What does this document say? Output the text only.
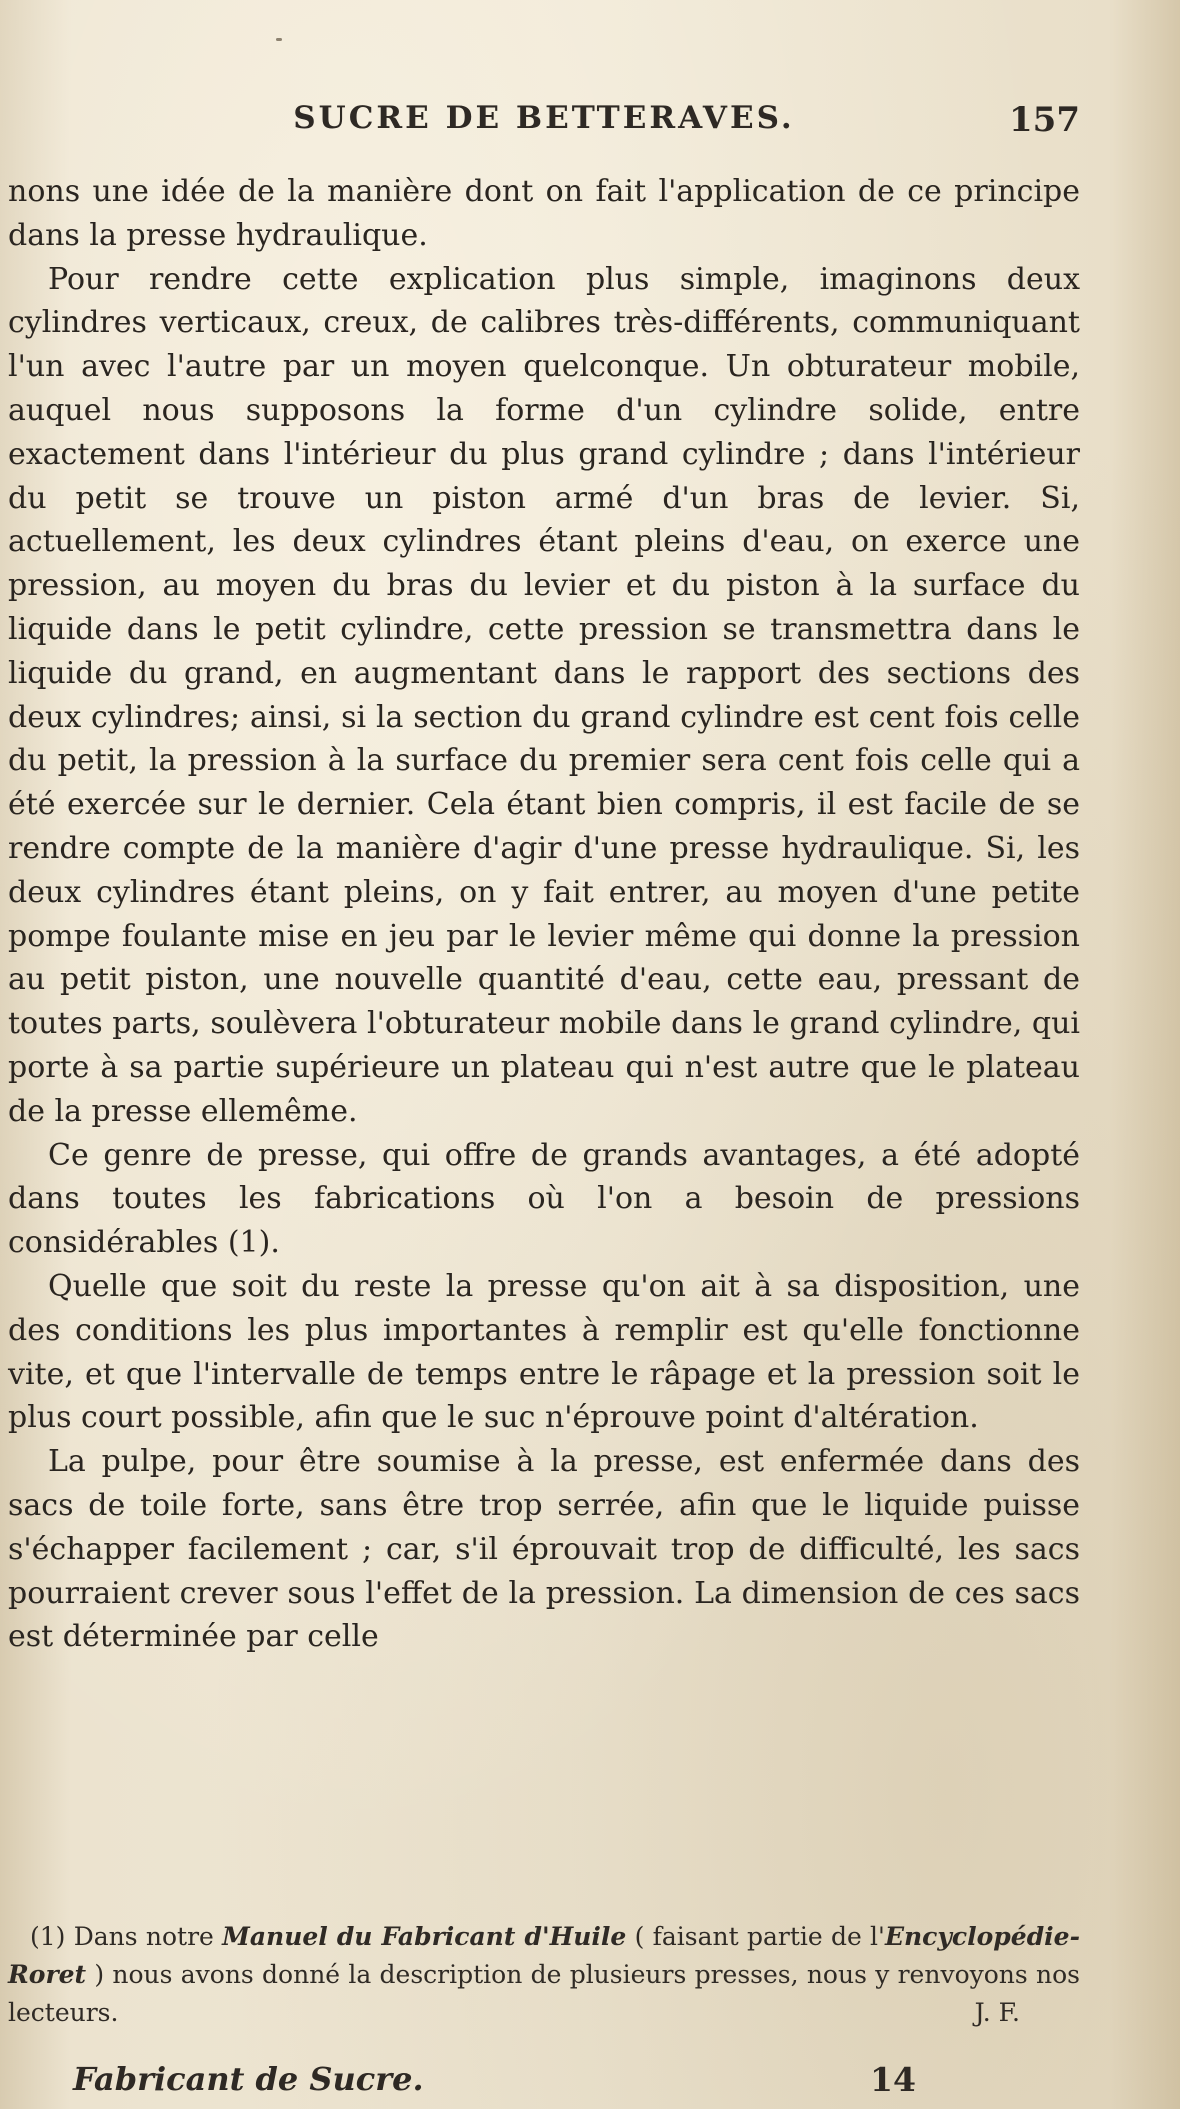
SUCRE DE BETTERAVES.	157

nons une idée de la manière dont on fait l'application de ce principe dans la presse hydraulique.

Pour rendre cette explication plus simple, imaginons deux cylindres verticaux, creux, de calibres très-différents, communiquant l'un avec l'autre par un moyen quelconque. Un obturateur mobile, auquel nous supposons la forme d'un cylindre solide, entre exactement dans l'intérieur du plus grand cylindre ; dans l'intérieur du petit se trouve un piston armé d'un bras de levier. Si, actuellement, les deux cylindres étant pleins d'eau, on exerce une pression, au moyen du bras du levier et du piston à la surface du liquide dans le petit cylindre, cette pression se transmettra dans le liquide du grand, en augmentant dans le rapport des sections des deux cylindres; ainsi, si la section du grand cylindre est cent fois celle du petit, la pression à la surface du premier sera cent fois celle qui a été exercée sur le dernier. Cela étant bien compris, il est facile de se rendre compte de la manière d'agir d'une presse hydraulique. Si, les deux cylindres étant pleins, on y fait entrer, au moyen d'une petite pompe foulante mise en jeu par le levier même qui donne la pression au petit piston, une nouvelle quantité d'eau, cette eau, pressant de toutes parts, soulèvera l'obturateur mobile dans le grand cylindre, qui porte à sa partie supérieure un plateau qui n'est autre que le plateau de la presse ellemême.

Ce genre de presse, qui offre de grands avantages, a été adopté dans toutes les fabrications où l'on a besoin de pressions considérables (1).

Quelle que soit du reste la presse qu'on ait à sa disposition, une des conditions les plus importantes à remplir est qu'elle fonctionne vite, et que l'intervalle de temps entre le râpage et la pression soit le plus court possible, afin que le suc n'éprouve point d'altération.

La pulpe, pour être soumise à la presse, est enfermée dans des sacs de toile forte, sans être trop serrée, afin que le liquide puisse s'échapper facilement ; car, s'il éprouvait trop de difficulté, les sacs pourraient crever sous l'effet de la pression. La dimension de ces sacs est déterminée par celle

(1) Dans notre Manuel du Fabricant d'Huile ( faisant partie de l'Encyclopédie-Roret ) nous avons donné la description de plusieurs presses, nous y renvoyons nos lecteurs.	J. F.
Fabricant de Sucre.	14
